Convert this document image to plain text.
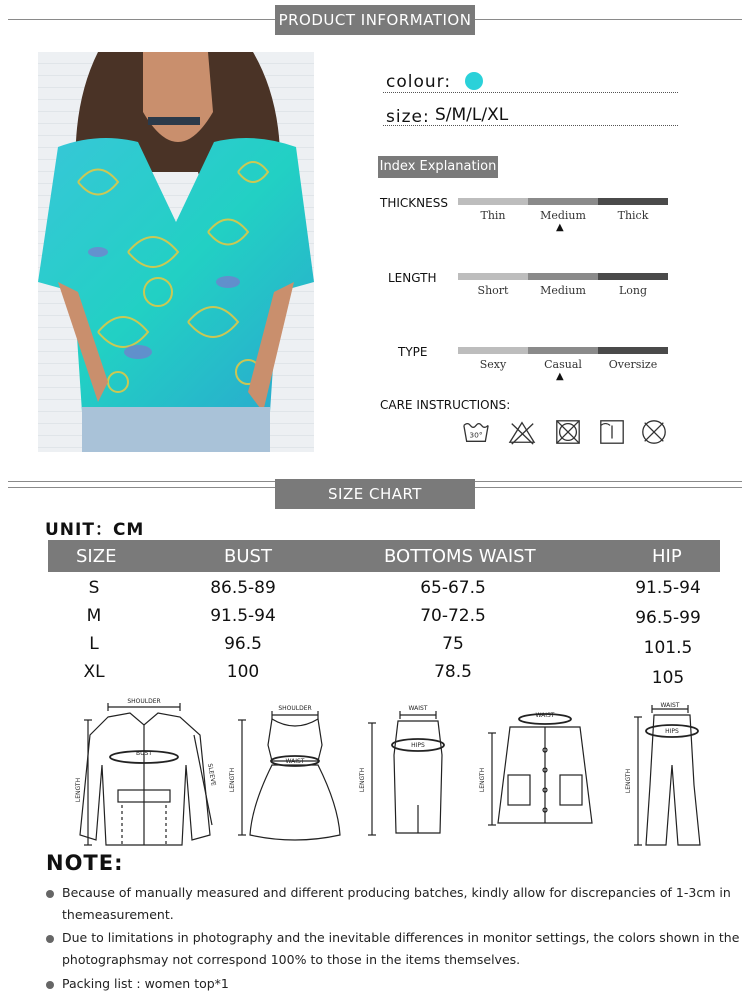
PRODUCT INFORMATION
colour:
size: S/M/L/XL
Index Explanation
THICKNESS
Thin	Medium	Thick
▲
LENGTH
Short	Medium	Long
TYPE
Sexy	Casual	Oversize
▲
CARE INSTRUCTIONS:
30°
SIZE CHART
UNIT：CM
SIZE	BUST	BOTTOMS WAIST	HIP
S	86.5-89	65-67.5	91.5-94
M	91.5-94	70-72.5	96.5-99
L	96.5	75	101.5
XL	100	78.5	105
SHOULDER
LENGTH
BUST
SLEEVE
SHOULDER
LENGTH
WAIST
WAIST
LENGTH
HIPS
WAIST
LENGTH
WAIST
LENGTH
HIPS
NOTE:
Because of manually measured and different producing batches, kindly allow for discrepancies of 1-3cm in
themeasurement.
Due to limitations in photography and the inevitable differences in monitor settings, the colors shown in the
photographsmay not correspond 100% to those in the items themselves.
Packing list : women top*1
